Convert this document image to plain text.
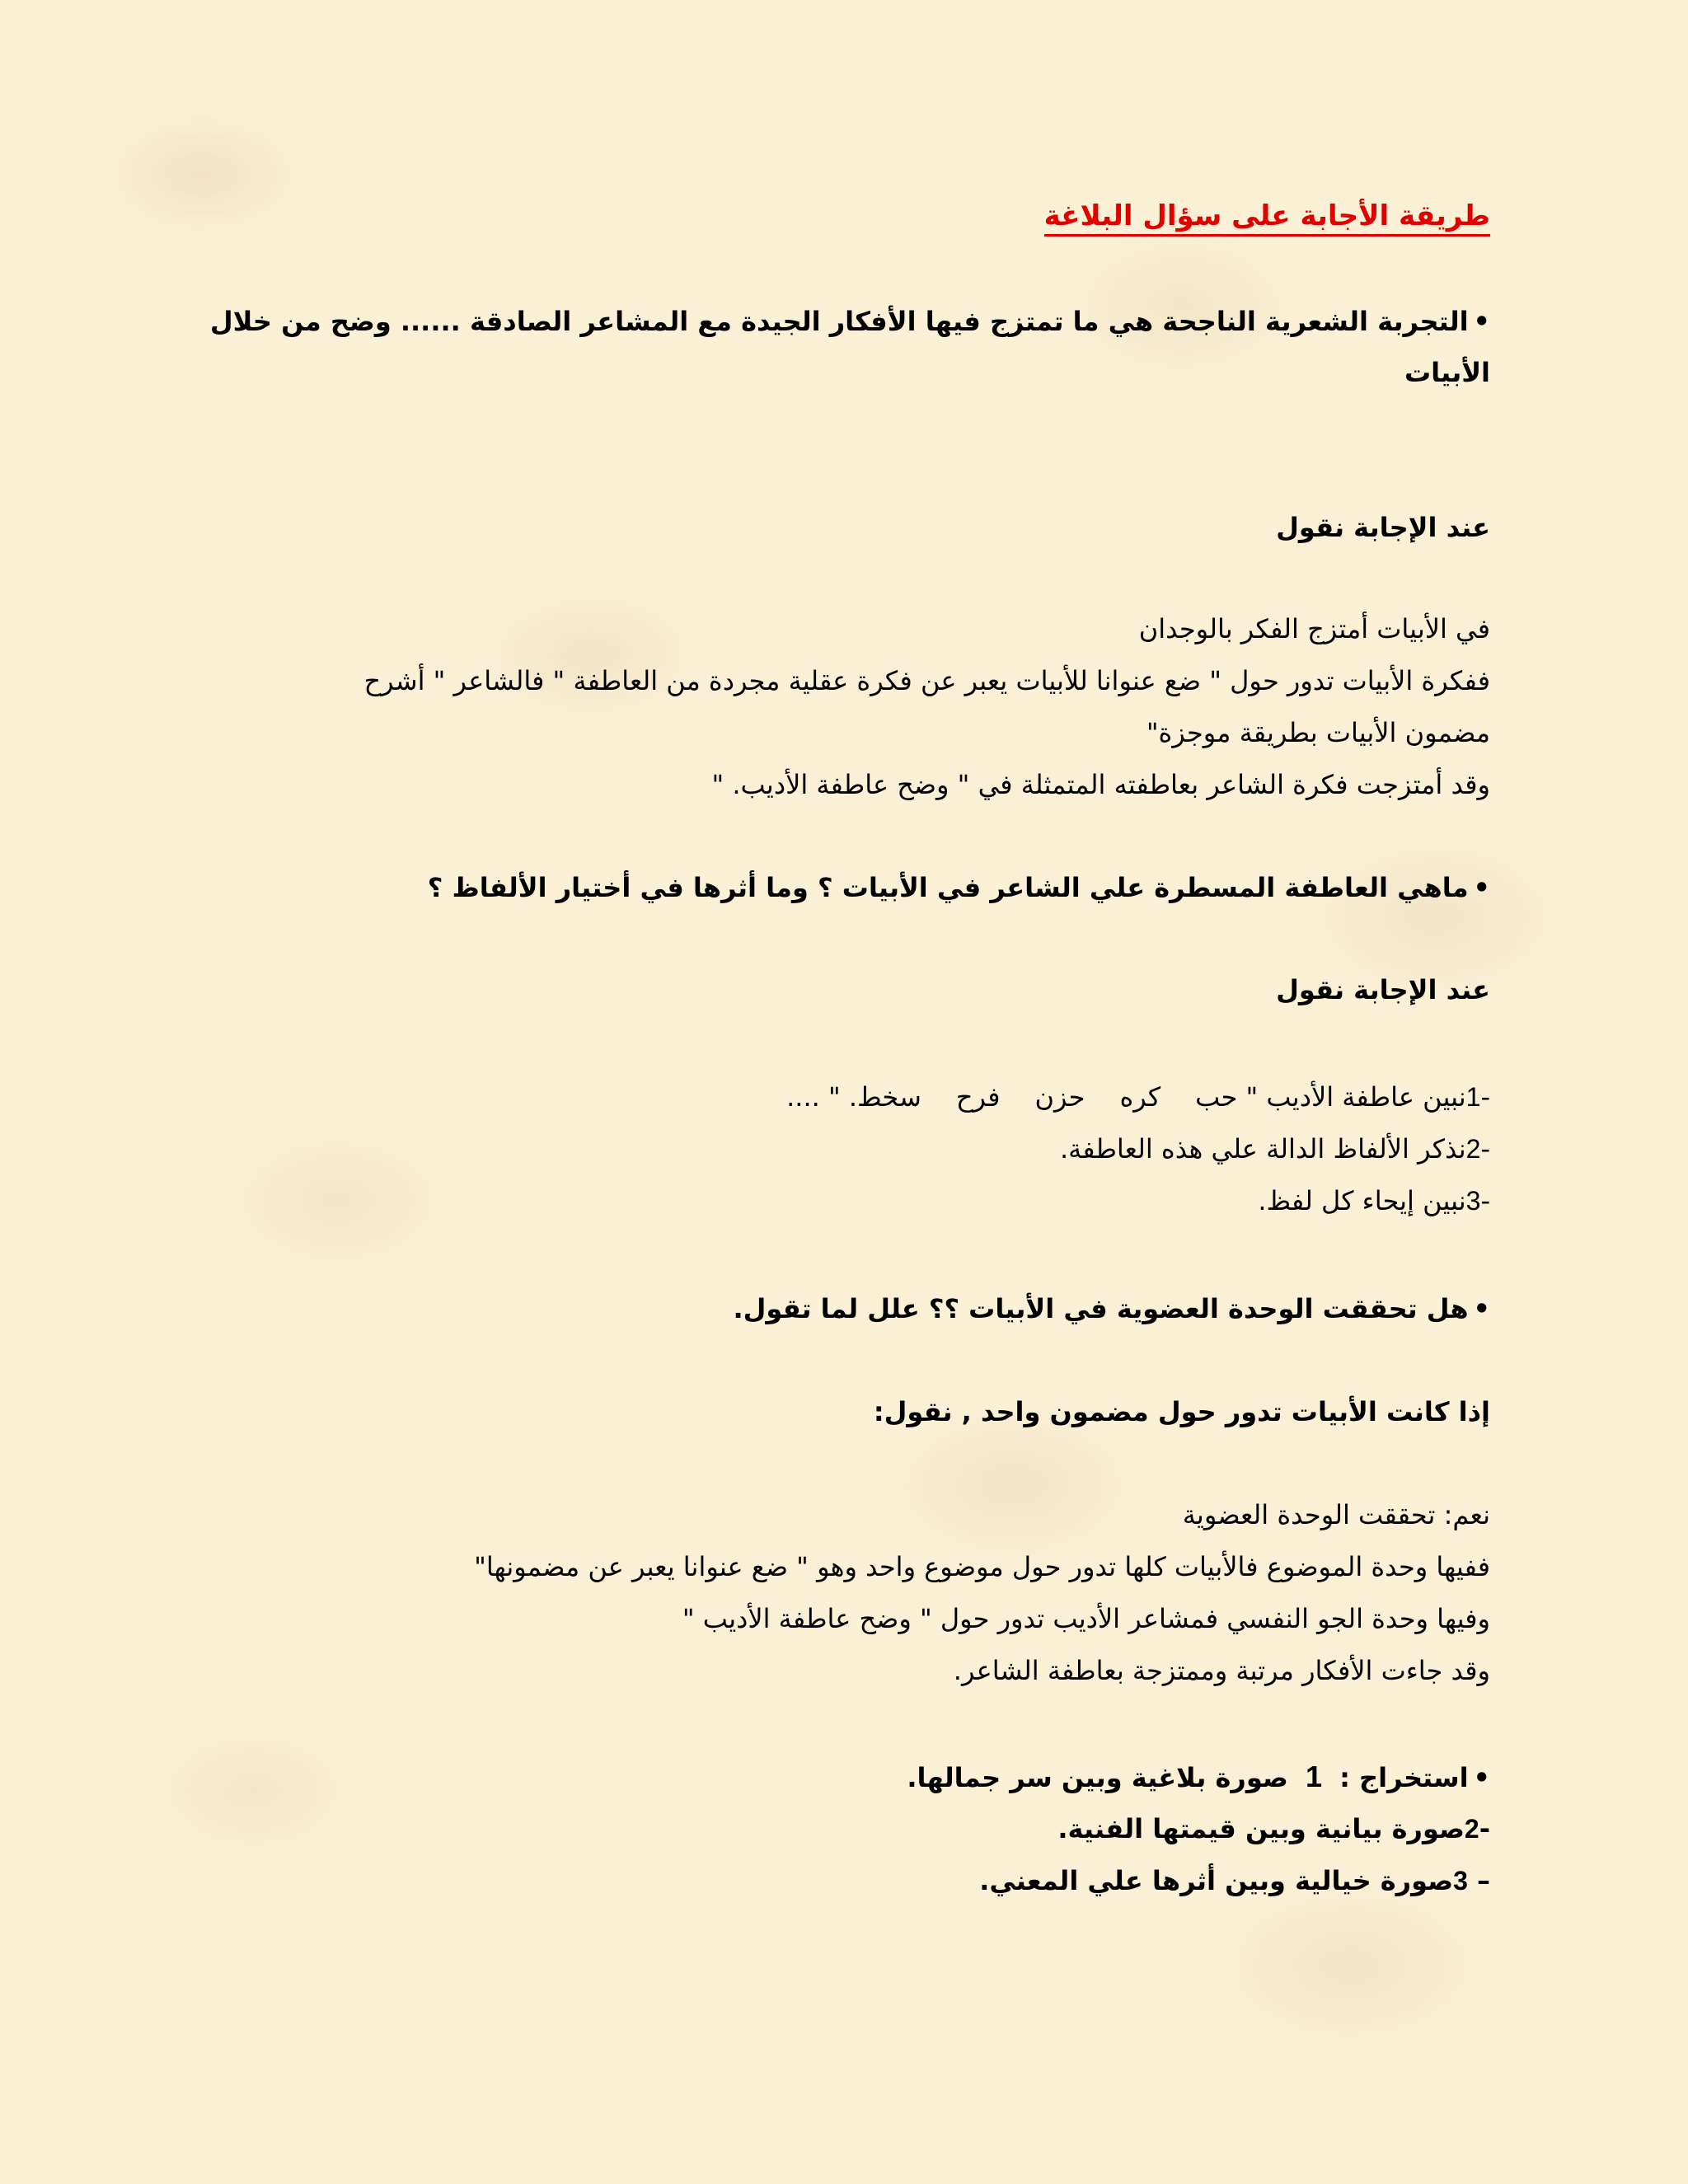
طريقة الأجابة على سؤال البلاغة
•التجربة الشعرية الناجحة هي ما تمتزج فيها الأفكار الجيدة مع المشاعر الصادقة ...... وضح من خلال
الأبيات
عند الإجابة نقول
في الأبيات أمتزج الفكر بالوجدان
ففكرة الأبيات تدور حول " ضع عنوانا للأبيات يعبر عن فكرة عقلية مجردة من العاطفة " فالشاعر " أشرح
مضمون الأبيات بطريقة موجزة"
وقد أمتزجت فكرة الشاعر بعاطفته المتمثلة في " وضح عاطفة الأديب. "
•ماهي العاطفة المسطرة علي الشاعر في الأبيات ؟ وما أثرها في أختيار الألفاظ ؟
عند الإجابة نقول
-1نبين عاطفة الأديب " حبكرهحزنفرحسخط. " ....
-2نذكر الألفاظ الدالة علي هذه العاطفة.
-3نبين إيحاء كل لفظ.
•هل تحققت الوحدة العضوية في الأبيات ؟؟ علل لما تقول.
إذا كانت الأبيات تدور حول مضمون واحد , نقول:
نعم: تحققت الوحدة العضوية
ففيها وحدة الموضوع فالأبيات كلها تدور حول موضوع واحد وهو " ضع عنوانا يعبر عن مضمونها"
وفيها وحدة الجو النفسي فمشاعر الأديب تدور حول " وضح عاطفة الأديب "
وقد جاءت الأفكار مرتبة وممتزجة بعاطفة الشاعر.
•استخراج : 1 صورة بلاغية وبين سر جمالها.
-2صورة بيانية وبين قيمتها الفنية.
– 3صورة خيالية وبين أثرها علي المعني.
